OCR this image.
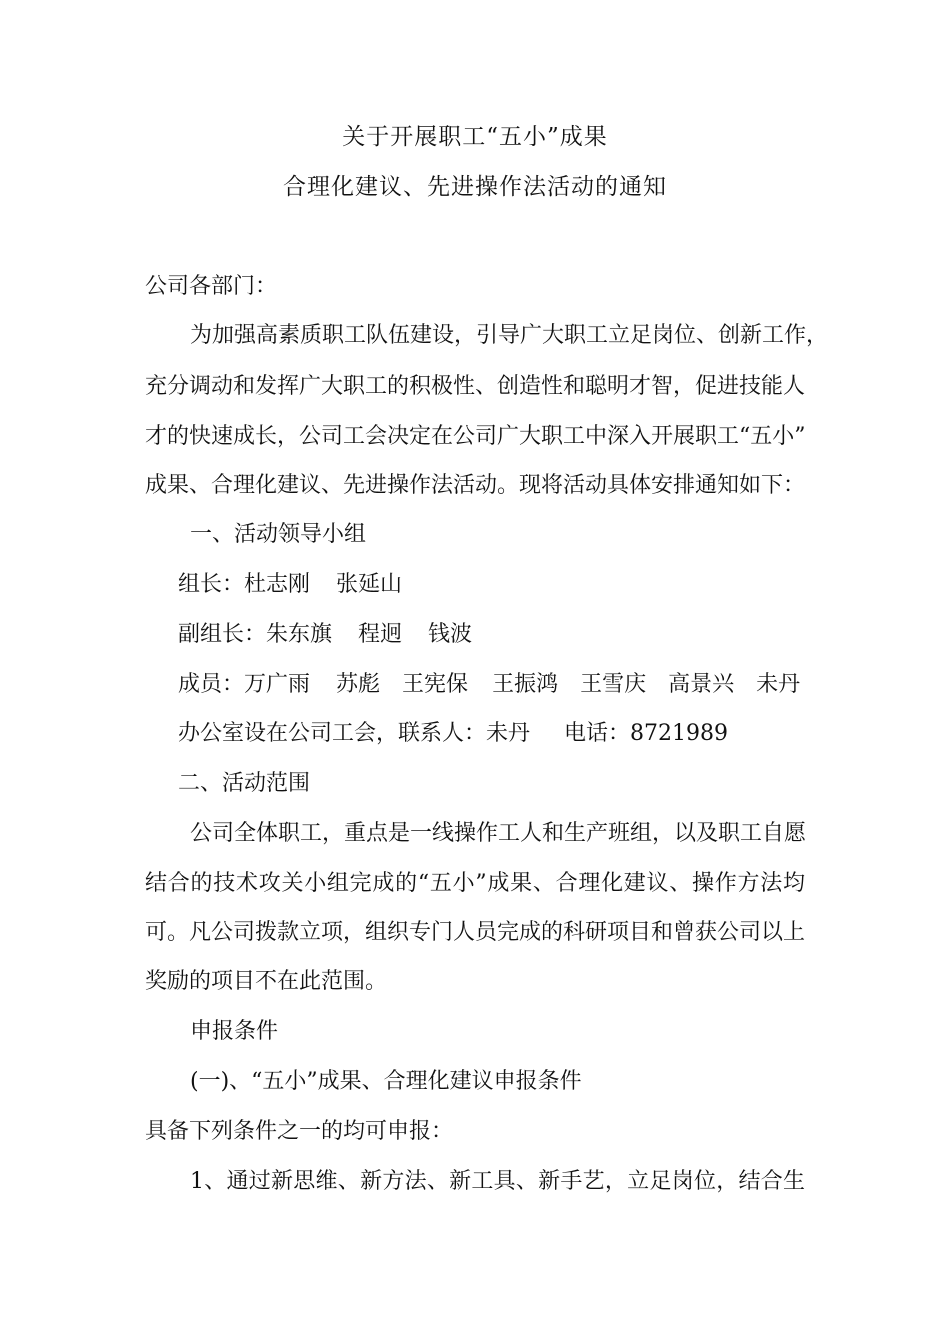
关于开展职工“五小”成果
合理化建议、先进操作法活动的通知
公司各部门：
为加强高素质职工队伍建设，引导广大职工立足岗位、创新工作，
充分调动和发挥广大职工的积极性、创造性和聪明才智，促进技能人
才的快速成长，公司工会决定在公司广大职工中深入开展职工“五小”
成果、合理化建议、先进操作法活动。现将活动具体安排通知如下：
一、活动领导小组
组长：杜志刚 张延山
副组长：朱东旗 程迥 钱波
成员：万广雨 苏彪 王宪保 王振鸿 王雪庆 高景兴 未丹
办公室设在公司工会，联系人：未丹 电话：8721989
二、活动范围
公司全体职工，重点是一线操作工人和生产班组，以及职工自愿
结合的技术攻关小组完成的“五小”成果、合理化建议、操作方法均
可。凡公司拨款立项，组织专门人员完成的科研项目和曾获公司以上
奖励的项目不在此范围。
申报条件
(一)、“五小”成果、合理化建议申报条件
具备下列条件之一的均可申报：
1、通过新思维、新方法、新工具、新手艺，立足岗位，结合生
